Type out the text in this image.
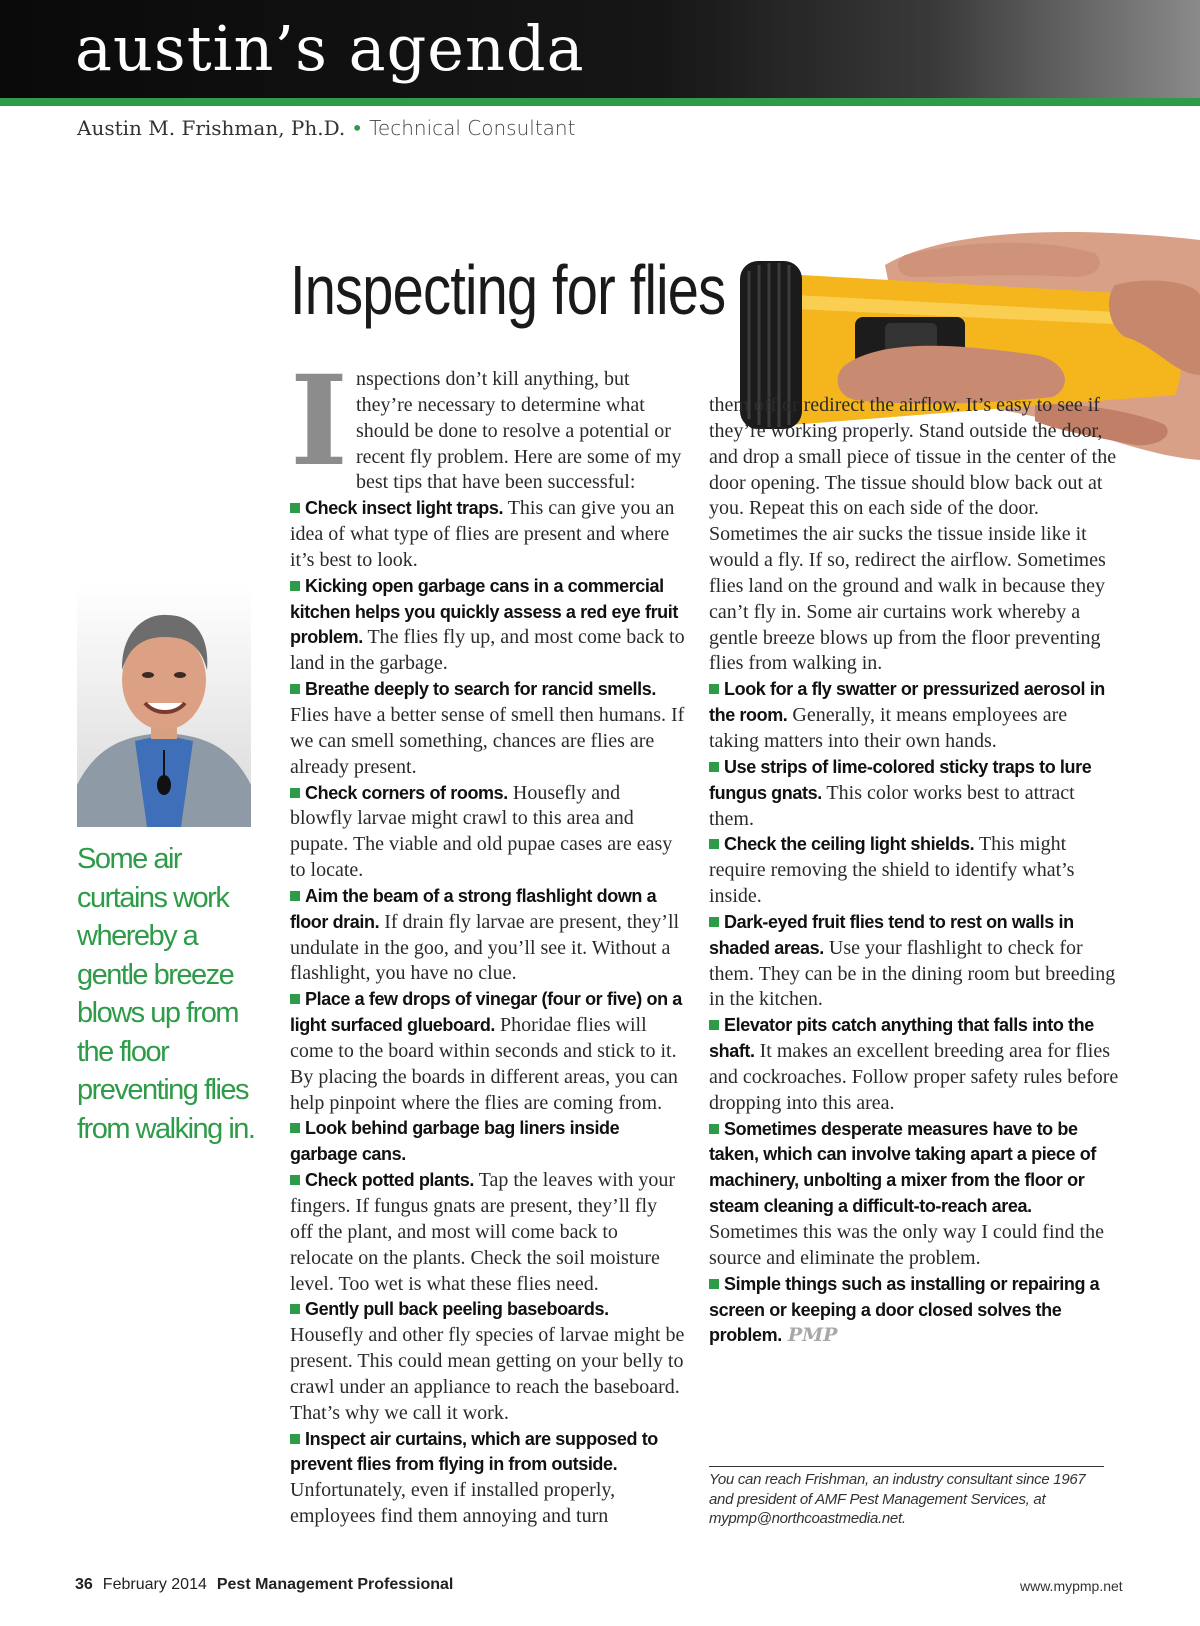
austin’s agenda
Austin M. Frishman, Ph.D. • Technical Consultant
Inspecting for flies
Some air curtains work whereby a gentle breeze blows up from the floor preventing flies from walking in.

Inspections don’t kill anything, but they’re necessary to determine what should be done to resolve a potential or recent fly problem. Here are some of my best tips that have been successful:

Check insect light traps. This can give you an idea of what type of flies are present and where it’s best to look.

Kicking open garbage cans in a commercial kitchen helps you quickly assess a red eye fruit problem. The flies fly up, and most come back to land in the garbage.

Breathe deeply to search for rancid smells. Flies have a better sense of smell then humans. If we can smell something, chances are flies are already present.

Check corners of rooms. Housefly and blowfly larvae might crawl to this area and pupate. The viable and old pupae cases are easy to locate.

Aim the beam of a strong flashlight down a floor drain. If drain fly larvae are present, they’ll undulate in the goo, and you’ll see it. Without a flashlight, you have no clue.

Place a few drops of vinegar (four or five) on a light surfaced glueboard. Phoridae flies will come to the board within seconds and stick to it. By placing the boards in different areas, you can help pinpoint where the flies are coming from.

Look behind garbage bag liners inside garbage cans.

Check potted plants. Tap the leaves with your fingers. If fungus gnats are present, they’ll fly off the plant, and most will come back to relocate on the plants. Check the soil moisture level. Too wet is what these flies need.

Gently pull back peeling baseboards. Housefly and other fly species of larvae might be present. This could mean getting on your belly to crawl under an appliance to reach the baseboard. That’s why we call it work.

Inspect air curtains, which are supposed to prevent flies from flying in from outside. Unfortunately, even if installed properly, employees find them annoying and turn

them off or redirect the airflow. It’s easy to see if they’re working properly. Stand outside the door, and drop a small piece of tissue in the center of the door opening. The tissue should blow back out at you. Repeat this on each side of the door. Sometimes the air sucks the tissue inside like it would a fly. If so, redirect the airflow. Sometimes flies land on the ground and walk in because they can’t fly in. Some air curtains work whereby a gentle breeze blows up from the floor preventing flies from walking in.

Look for a fly swatter or pressurized aerosol in the room. Generally, it means employees are taking matters into their own hands.

Use strips of lime-colored sticky traps to lure fungus gnats. This color works best to attract them.

Check the ceiling light shields. This might require removing the shield to identify what’s inside.

Dark-eyed fruit flies tend to rest on walls in shaded areas. Use your flashlight to check for them. They can be in the dining room but breeding in the kitchen.

Elevator pits catch anything that falls into the shaft. It makes an excellent breeding area for flies and cockroaches. Follow proper safety rules before dropping into this area.

Sometimes desperate measures have to be taken, which can involve taking apart a piece of machinery, unbolting a mixer from the floor or steam cleaning a difficult-to-reach area. Sometimes this was the only way I could find the source and eliminate the problem.

Simple things such as installing or repairing a screen or keeping a door closed solves the problem. PMP

You can reach Frishman, an industry consultant since 1967 and president of AMF Pest Management Services, at mypmp@northcoastmedia.net.
36 February 2014 Pest Management Professional	www.mypmp.net
